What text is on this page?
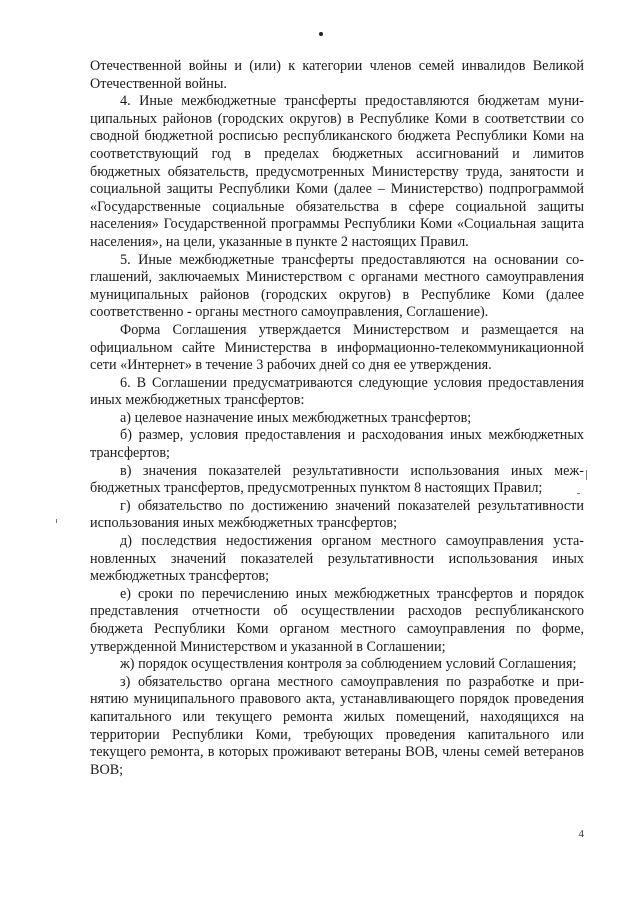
Отечественной войны и (или) к категории членов семей инвалидов Великой Отечественной войны.

4. Иные межбюджетные трансферты предоставляются бюджетам муниципальных районов (городских округов) в Республике Коми в соответствии со сводной бюджетной росписью республиканского бюджета Республики Коми на соответствующий год в пределах бюджетных ассигнований и лимитов бюджетных обязательств, предусмотренных Министерству труда, занятости и социальной защиты Республики Коми (далее – Министерство) подпрограммой «Государственные социальные обязательства в сфере социальной защиты населения» Государственной программы Республики Коми «Социальная защита населения», на цели, указанные в пункте 2 настоящих Правил.

5. Иные межбюджетные трансферты предоставляются на основании соглашений, заключаемых Министерством с органами местного самоуправления муниципальных районов (городских округов) в Республике Коми (далее соответственно - органы местного самоуправления, Соглашение).

Форма Соглашения утверждается Министерством и размещается на официальном сайте Министерства в информационно-телекоммуникационной сети «Интернет» в течение 3 рабочих дней со дня ее утверждения.

6. В Соглашении предусматриваются следующие условия предоставления иных межбюджетных трансфертов:

а) целевое назначение иных межбюджетных трансфертов;

б) размер, условия предоставления и расходования иных межбюджетных трансфертов;

в) значения показателей результативности использования иных межбюджетных трансфертов, предусмотренных пунктом 8 настоящих Правил;

г) обязательство по достижению значений показателей результативности использования иных межбюджетных трансфертов;

д) последствия недостижения органом местного самоуправления установленных значений показателей результативности использования иных межбюджетных трансфертов;

е) сроки по перечислению иных межбюджетных трансфертов и порядок представления отчетности об осуществлении расходов республиканского бюджета Республики Коми органом местного самоуправления по форме, утвержденной Министерством и указанной в Соглашении;

ж) порядок осуществления контроля за соблюдением условий Соглашения;

з) обязательство органа местного самоуправления по разработке и принятию муниципального правового акта, устанавливающего порядок проведения капитального или текущего ремонта жилых помещений, находящихся на территории Республики Коми, требующих проведения капитального или текущего ремонта, в которых проживают ветераны ВОВ, члены семей ветеранов ВОВ;

4
